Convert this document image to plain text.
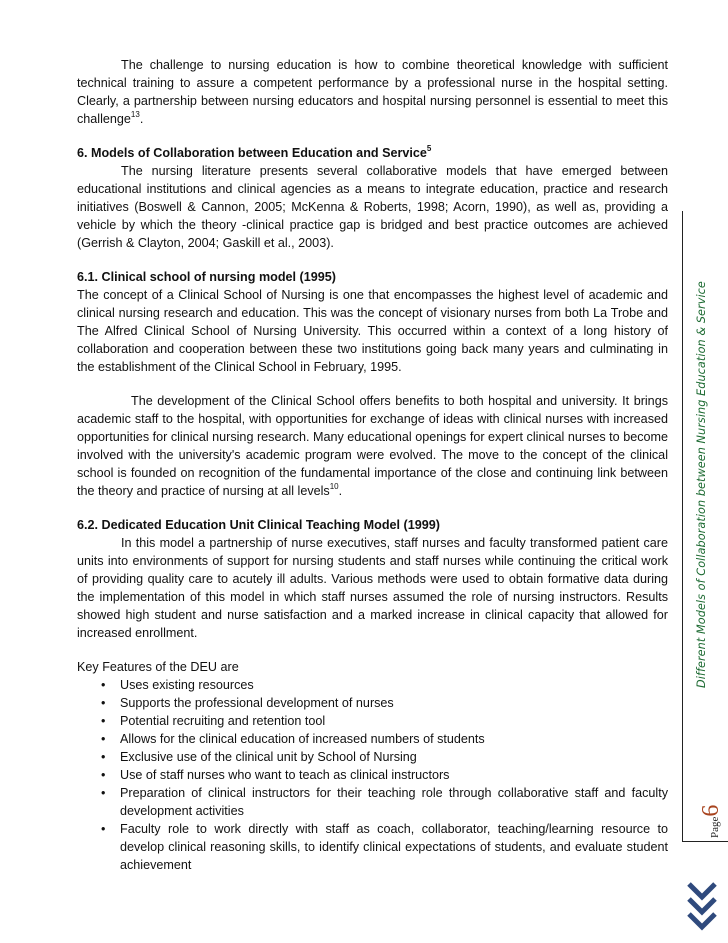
The challenge to nursing education is how to combine theoretical knowledge with sufficient technical training to assure a competent performance by a professional nurse in the hospital setting. Clearly, a partnership between nursing educators and hospital nursing personnel is essential to meet this challenge$^{13}$.

6. Models of Collaboration between Education and Service$^5$

The nursing literature presents several collaborative models that have emerged between educational institutions and clinical agencies as a means to integrate education, practice and research initiatives (Boswell & Cannon, 2005; McKenna & Roberts, 1998; Acorn, 1990), as well as, providing a vehicle by which the theory -clinical practice gap is bridged and best practice outcomes are achieved (Gerrish & Clayton, 2004; Gaskill et al., 2003).

6.1. Clinical school of nursing model (1995)

The concept of a Clinical School of Nursing is one that encompasses the highest level of academic and clinical nursing research and education. This was the concept of visionary nurses from both La Trobe and The Alfred Clinical School of Nursing University. This occurred within a context of a long history of collaboration and cooperation between these two institutions going back many years and culminating in the establishment of the Clinical School in February, 1995.

The development of the Clinical School offers benefits to both hospital and university. It brings academic staff to the hospital, with opportunities for exchange of ideas with clinical nurses with increased opportunities for clinical nursing research. Many educational openings for expert clinical nurses to become involved with the university's academic program were evolved. The move to the concept of the clinical school is founded on recognition of the fundamental importance of the close and continuing link between the theory and practice of nursing at all levels$^{10}$.

6.2. Dedicated Education Unit Clinical Teaching Model (1999)

In this model a partnership of nurse executives, staff nurses and faculty transformed patient care units into environments of support for nursing students and staff nurses while continuing the critical work of providing quality care to acutely ill adults. Various methods were used to obtain formative data during the implementation of this model in which staff nurses assumed the role of nursing instructors. Results showed high student and nurse satisfaction and a marked increase in clinical capacity that allowed for increased enrollment.

Key Features of the DEU are

• Uses existing resources
• Supports the professional development of nurses
• Potential recruiting and retention tool
• Allows for the clinical education of increased numbers of students
• Exclusive use of the clinical unit by School of Nursing
• Use of staff nurses who want to teach as clinical instructors
• Preparation of clinical instructors for their teaching role through collaborative staff and faculty development activities
• Faculty role to work directly with staff as coach, collaborator, teaching/learning resource to develop clinical reasoning skills, to identify clinical expectations of students, and evaluate student achievement
Different Models of Collaboration between Nursing Education & Service
Page6
